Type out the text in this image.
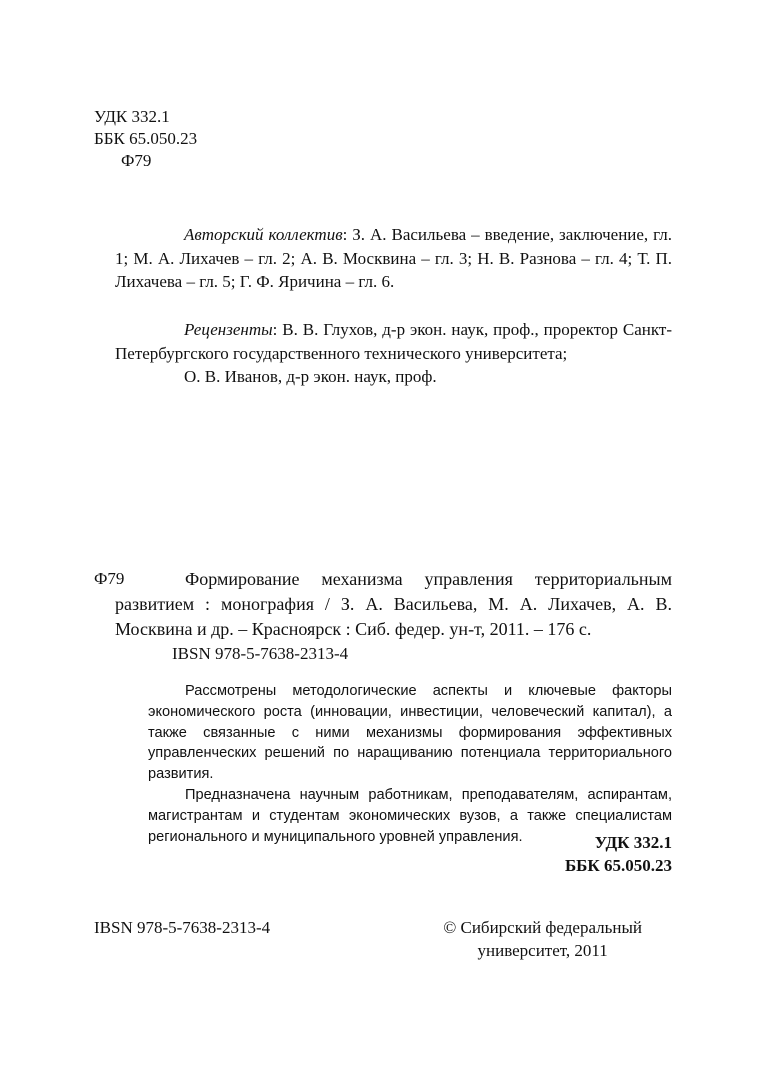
УДК 332.1
ББК 65.050.23
Ф79

Авторский коллектив: З. А. Васильева – введение, заключение, гл. 1; М. А. Лихачев – гл. 2; А. В. Москвина – гл. 3; Н. В. Разнова – гл. 4; Т. П. Лихачева – гл. 5; Г. Ф. Яричина – гл. 6.

Рецензенты: В. В. Глухов, д-р экон. наук, проф., проректор Санкт-Петербургского государственного технического университета;

О. В. Иванов, д-р экон. наук, проф.

Ф79	Формирование механизма управления территориальным развитием : монография / З. А. Васильева, М. А. Лихачев, А. В. Москвина и др. – Красноярск : Сиб. федер. ун-т, 2011. – 176 с.

IBSN 978-5-7638-2313-4

Рассмотрены методологические аспекты и ключевые факторы экономического роста (инновации, инвестиции, человеческий капитал), а также связанные с ними механизмы формирования эффективных управленческих решений по наращиванию потенциала территориального развития.

Предназначена научным работникам, преподавателям, аспирантам, магистрантам и студентам экономических вузов, а также специалистам регионального и муниципального уровней управления.	УДК 332.1
ББК 65.050.23
IBSN 978-5-7638-2313-4	© Сибирский федеральный
университет, 2011
